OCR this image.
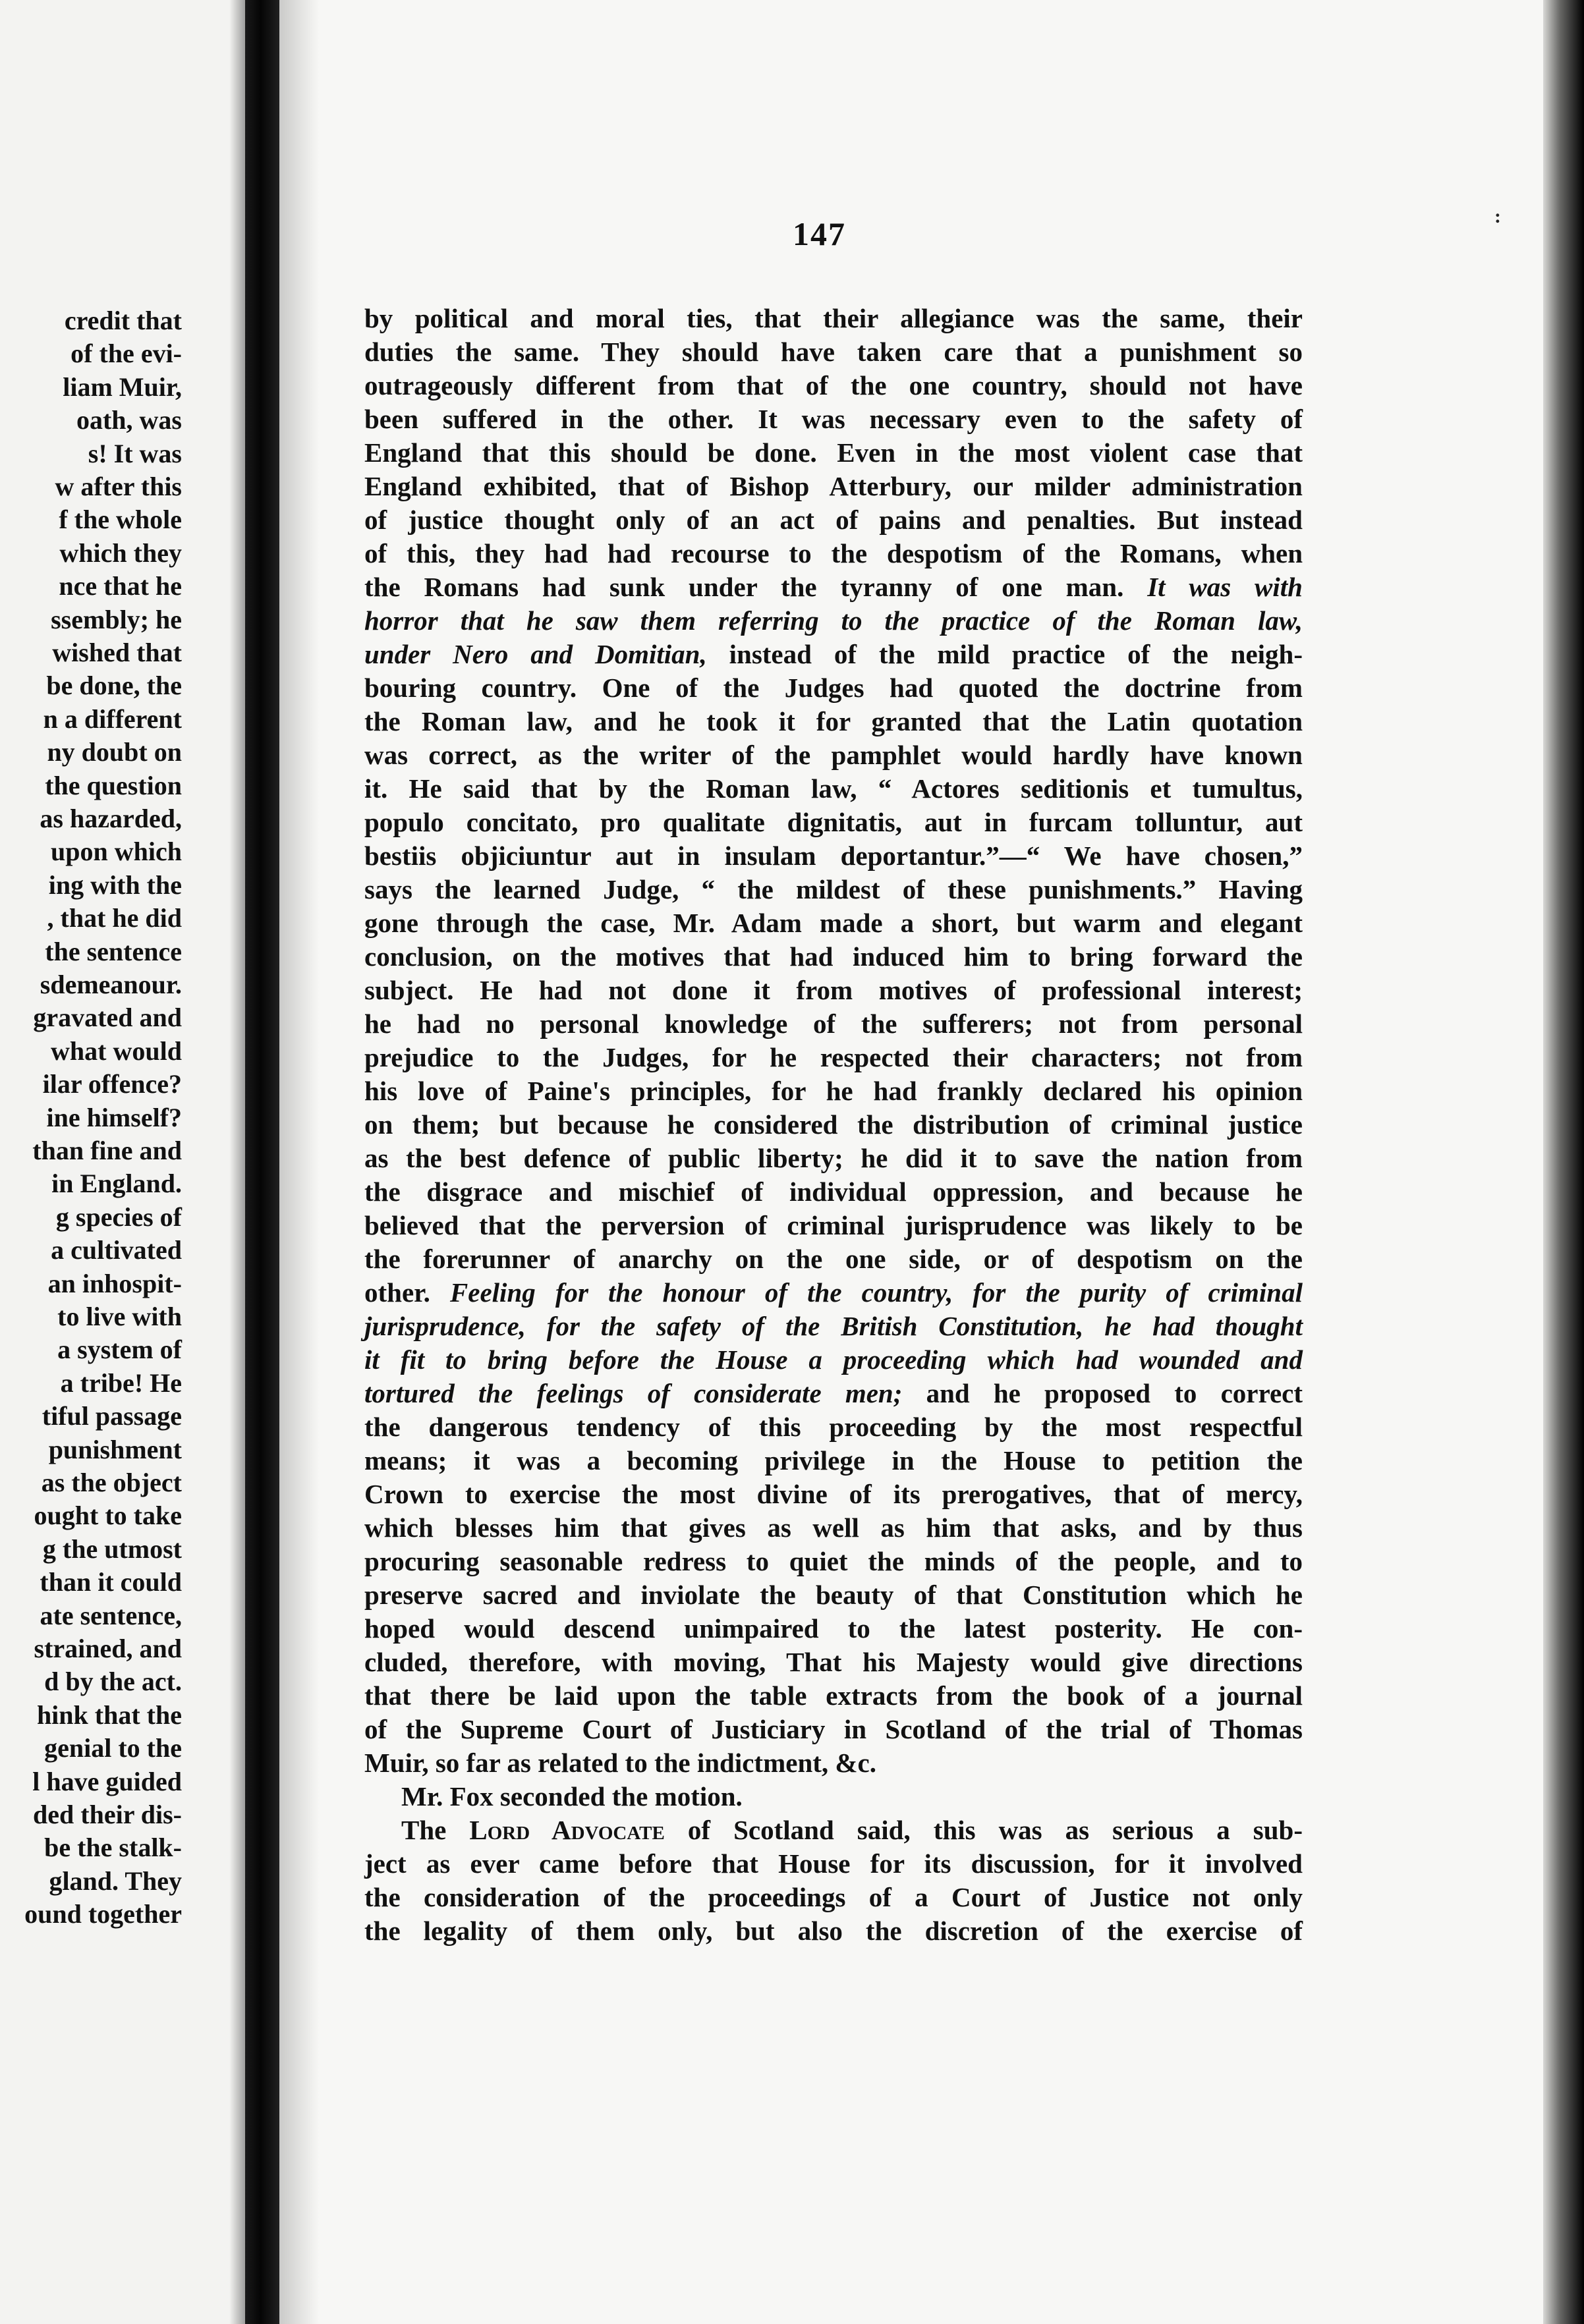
credit that
of the evi-
liam Muir,
oath, was
s! It was
w after this
f the whole
which they
nce that he
ssembly; he
wished that
be done, the
n a different
ny doubt on
the question
as hazarded,
upon which
ing with the
, that he did
the sentence
sdemeanour.
gravated and
what would
ilar offence?
ine himself?
than fine and
in England.
g species of
a cultivated
an inhospit-
to live with
a system of
a tribe! He
tiful passage
punishment
as the object
ought to take
g the utmost
than it could
ate sentence,
strained, and
d by the act.
hink that the
genial to the
l have guided
ded their dis-
be the stalk-
gland. They
ound together
147	:
by political and moral ties, that their allegiance was the same, their
duties the same. They should have taken care that a punishment so
outrageously different from that of the one country, should not have
been suffered in the other. It was necessary even to the safety of
England that this should be done. Even in the most violent case that
England exhibited, that of Bishop Atterbury, our milder administration
of justice thought only of an act of pains and penalties. But instead
of this, they had had recourse to the despotism of the Romans, when
the Romans had sunk under the tyranny of one man. It was with
horror that he saw them referring to the practice of the Roman law,
under Nero and Domitian, instead of the mild practice of the neigh-
bouring country. One of the Judges had quoted the doctrine from
the Roman law, and he took it for granted that the Latin quotation
was correct, as the writer of the pamphlet would hardly have known
it. He said that by the Roman law, “ Actores seditionis et tumultus,
populo concitato, pro qualitate dignitatis, aut in furcam tolluntur, aut
bestiis objiciuntur aut in insulam deportantur.”—“ We have chosen,”
says the learned Judge, “ the mildest of these punishments.” Having
gone through the case, Mr. Adam made a short, but warm and elegant
conclusion, on the motives that had induced him to bring forward the
subject. He had not done it from motives of professional interest;
he had no personal knowledge of the sufferers; not from personal
prejudice to the Judges, for he respected their characters; not from
his love of Paine's principles, for he had frankly declared his opinion
on them; but because he considered the distribution of criminal justice
as the best defence of public liberty; he did it to save the nation from
the disgrace and mischief of individual oppression, and because he
believed that the perversion of criminal jurisprudence was likely to be
the forerunner of anarchy on the one side, or of despotism on the
other. Feeling for the honour of the country, for the purity of criminal
jurisprudence, for the safety of the British Constitution, he had thought
it fit to bring before the House a proceeding which had wounded and
tortured the feelings of considerate men; and he proposed to correct
the dangerous tendency of this proceeding by the most respectful
means; it was a becoming privilege in the House to petition the
Crown to exercise the most divine of its prerogatives, that of mercy,
which blesses him that gives as well as him that asks, and by thus
procuring seasonable redress to quiet the minds of the people, and to
preserve sacred and inviolate the beauty of that Constitution which he
hoped would descend unimpaired to the latest posterity. He con-
cluded, therefore, with moving, That his Majesty would give directions
that there be laid upon the table extracts from the book of a journal
of the Supreme Court of Justiciary in Scotland of the trial of Thomas
Muir, so far as related to the indictment, &c.
Mr. Fox seconded the motion.
The Lord Advocate of Scotland said, this was as serious a sub-
ject as ever came before that House for its discussion, for it involved
the consideration of the proceedings of a Court of Justice not only
the legality of them only, but also the discretion of the exercise of
